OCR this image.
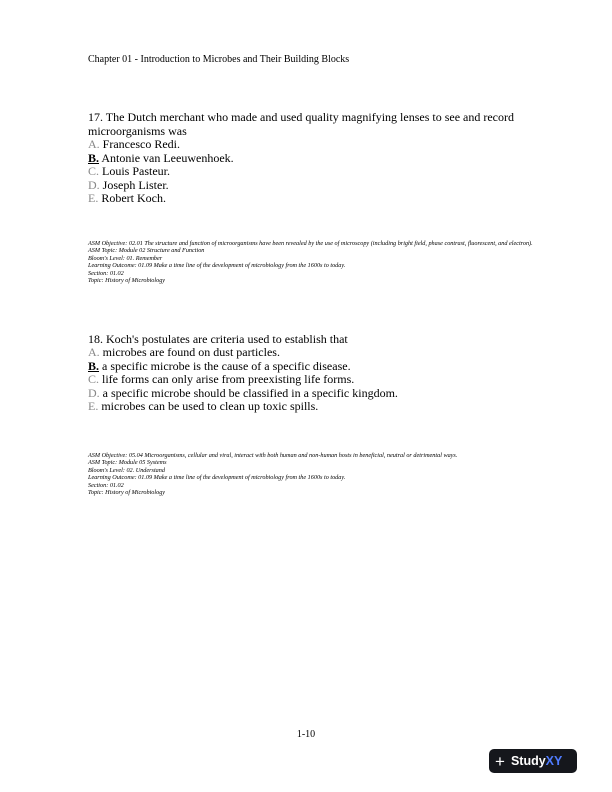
Chapter 01 - Introduction to Microbes and Their Building Blocks

17. The Dutch merchant who made and used quality magnifying lenses to see and record microorganisms was

A. Francesco Redi.
B. Antonie van Leeuwenhoek.
C. Louis Pasteur.
D. Joseph Lister.
E. Robert Koch.
ASM Objective: 02.01 The structure and function of microorganisms have been revealed by the use of microscopy (including bright field, phase contrast, fluorescent, and electron).
ASM Topic: Module 02 Structure and Function
Bloom's Level: 01. Remember
Learning Outcome: 01.09 Make a time line of the development of microbiology from the 1600s to today.
Section: 01.02
Topic: History of Microbiology

18. Koch's postulates are criteria used to establish that

A. microbes are found on dust particles.
B. a specific microbe is the cause of a specific disease.
C. life forms can only arise from preexisting life forms.
D. a specific microbe should be classified in a specific kingdom.
E. microbes can be used to clean up toxic spills.
ASM Objective: 05.04 Microorganisms, cellular and viral, interact with both human and non-human hosts in beneficial, neutral or detrimental ways.
ASM Topic: Module 05 Systems
Bloom's Level: 02. Understand
Learning Outcome: 01.09 Make a time line of the development of microbiology from the 1600s to today.
Section: 01.02
Topic: History of Microbiology
1-10
+ Study XY
